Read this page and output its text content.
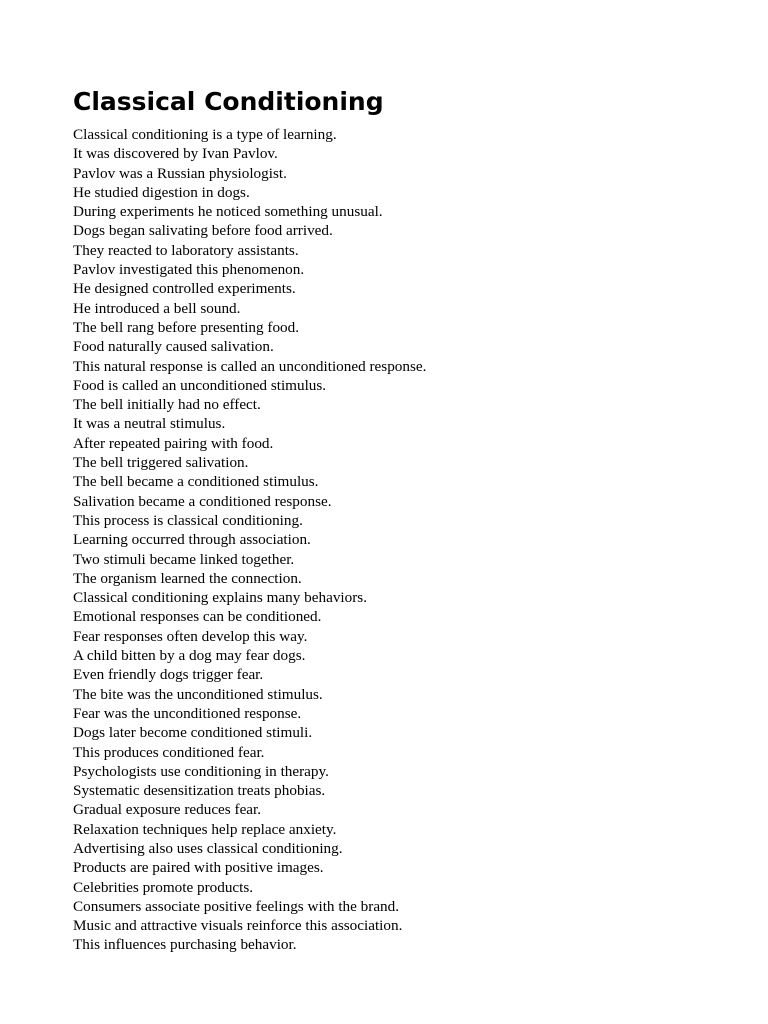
Classical Conditioning
Classical conditioning is a type of learning.
It was discovered by Ivan Pavlov.
Pavlov was a Russian physiologist.
He studied digestion in dogs.
During experiments he noticed something unusual.
Dogs began salivating before food arrived.
They reacted to laboratory assistants.
Pavlov investigated this phenomenon.
He designed controlled experiments.
He introduced a bell sound.
The bell rang before presenting food.
Food naturally caused salivation.
This natural response is called an unconditioned response.
Food is called an unconditioned stimulus.
The bell initially had no effect.
It was a neutral stimulus.
After repeated pairing with food.
The bell triggered salivation.
The bell became a conditioned stimulus.
Salivation became a conditioned response.
This process is classical conditioning.
Learning occurred through association.
Two stimuli became linked together.
The organism learned the connection.
Classical conditioning explains many behaviors.
Emotional responses can be conditioned.
Fear responses often develop this way.
A child bitten by a dog may fear dogs.
Even friendly dogs trigger fear.
The bite was the unconditioned stimulus.
Fear was the unconditioned response.
Dogs later become conditioned stimuli.
This produces conditioned fear.
Psychologists use conditioning in therapy.
Systematic desensitization treats phobias.
Gradual exposure reduces fear.
Relaxation techniques help replace anxiety.
Advertising also uses classical conditioning.
Products are paired with positive images.
Celebrities promote products.
Consumers associate positive feelings with the brand.
Music and attractive visuals reinforce this association.
This influences purchasing behavior.
